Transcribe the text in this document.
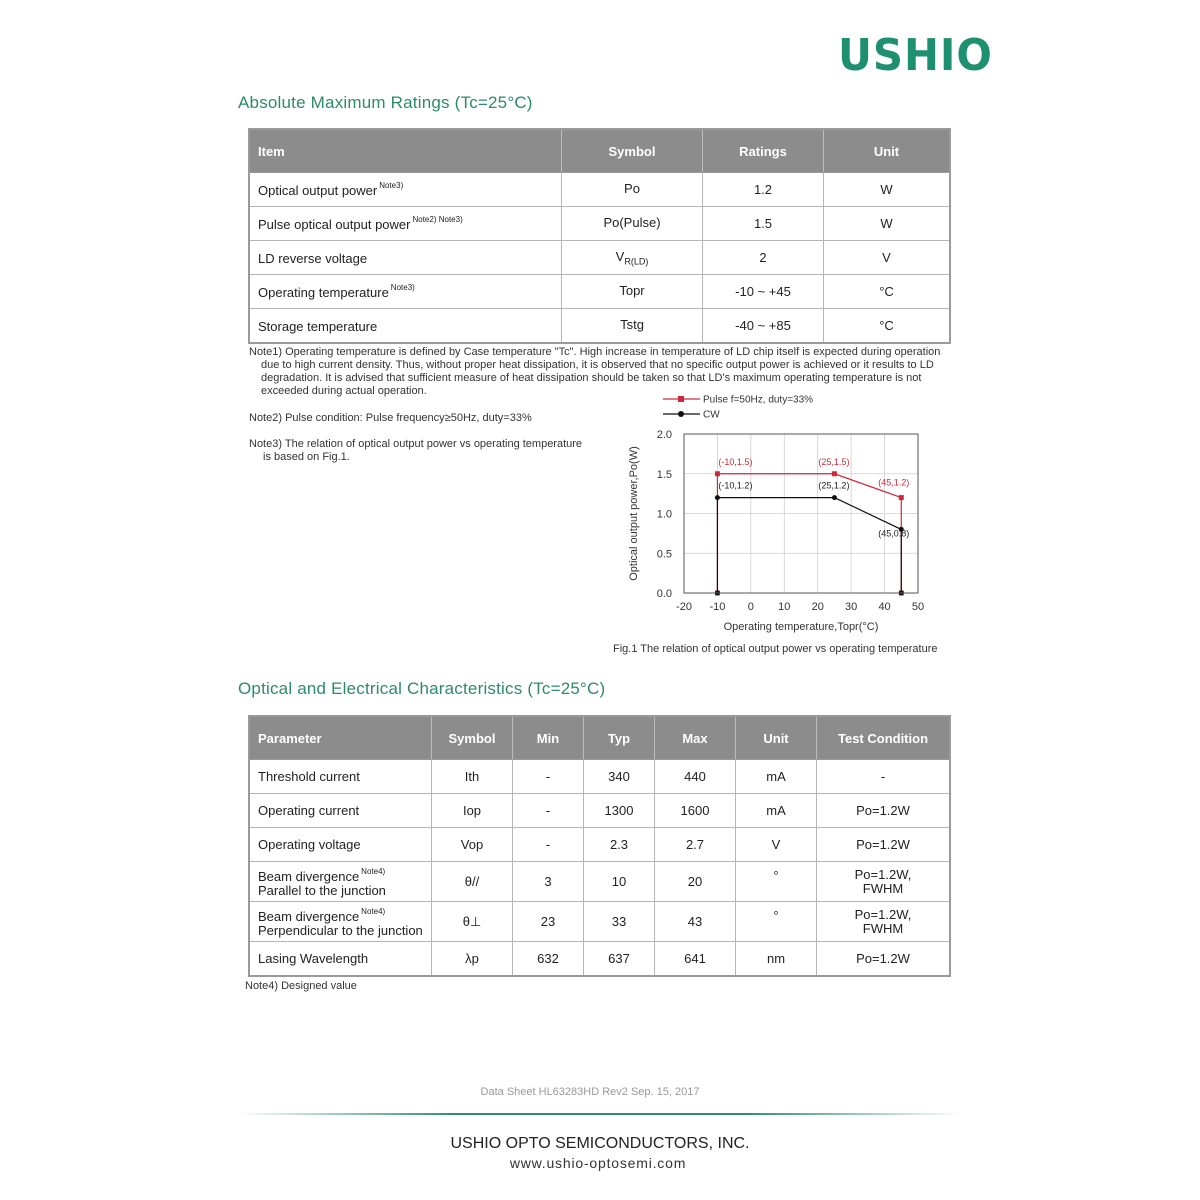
USHIO
Absolute Maximum Ratings (Tc=25°C)
Item	Symbol	Ratings	Unit
Optical output power $^{Note3)}$	Po	1.2	W
Pulse optical output power $^{Note2) Note3)}$	Po(Pulse)	1.5	W
LD reverse voltage	$V_{R(LD)}$	2	V
Operating temperature $^{Note3)}$	Topr	-10 ~ +45	°C
Storage temperature	Tstg	-40 ~ +85	°C
Note1) Operating temperature is defined by Case temperature "Tc". High increase in temperature of LD chip itself is expected during operation
due to high current density. Thus, without proper heat dissipation, it is observed that no specific output power is achieved or it results to LD
degradation. It is advised that sufficient measure of heat dissipation should be taken so that LD's maximum operating temperature is not
exceeded during actual operation.
Note2) Pulse condition: Pulse frequency≥50Hz, duty=33%
Note3) The relation of optical output power vs operating temperature
is based on Fig.1.	(-10,1.5)	(25,1.5)
(45,1.2)
(-10,1.2)	(25,1.2)
(45,0.8)
-20 -10 0 10 20 30 40 50
0.0
0.5
1.0
1.5
2.0
Operating temperature,Topr(°C)
Optical output power,Po(W)
Fig.1 The relation of optical output power vs operating temperature
Pulse f=50Hz, duty=33%
CW
Optical and Electrical Characteristics (Tc=25°C)
Parameter	Symbol	Min	Typ	Max	Unit	Test Condition
Threshold current	Ith	-	340	440	mA	-
Operating current	Iop	-	1300	1600	mA	Po=1.2W
Operating voltage	Vop	-	2.3	2.7	V	Po=1.2W
Beam divergence $^{Note4)}$
Parallel to the junction	θ//	3	10	20	°	Po=1.2W,
FWHM
Beam divergence $^{Note4)}$
Perpendicular to the junction	θ⊥	23	33	43	°	Po=1.2W,
FWHM
Lasing Wavelength	λp	632	637	641	nm	Po=1.2W
Note4) Designed value
Data Sheet HL63283HD Rev2 Sep. 15, 2017
USHIO OPTO SEMICONDUCTORS, INC.
www.ushio-optosemi.com
